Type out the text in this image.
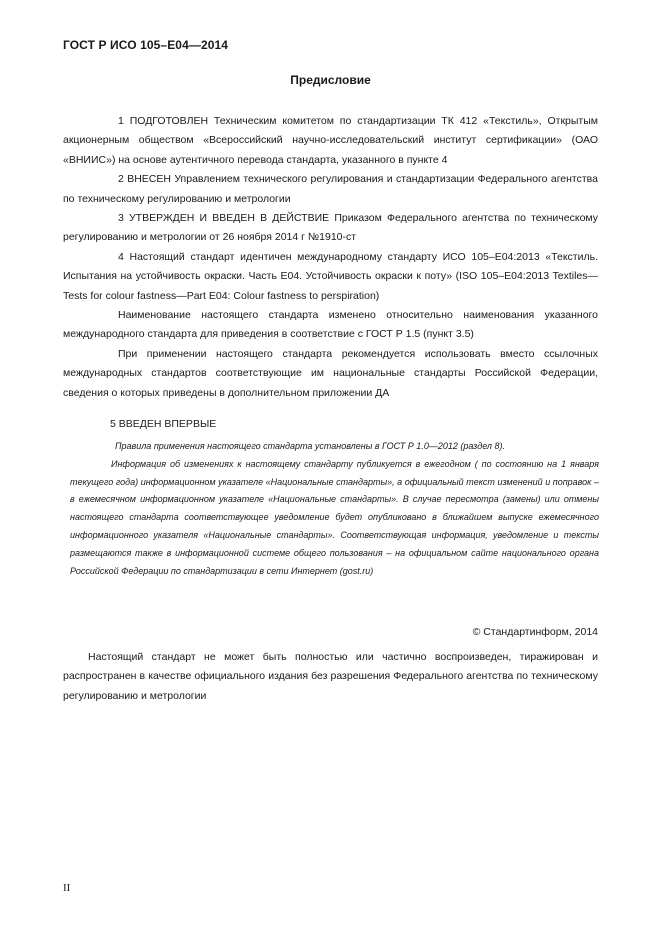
ГОСТ Р ИСО 105–E04—2014
Предисловие

1 ПОДГОТОВЛЕН Техническим комитетом по стандартизации ТК 412 «Текстиль», Открытым акционерным обществом «Всероссийский научно-исследовательский институт сертификации» (ОАО «ВНИИС») на основе аутентичного перевода стандарта, указанного в пункте 4

2 ВНЕСЕН Управлением технического регулирования и стандартизации Федерального агентства по техническому регулированию и метрологии

3 УТВЕРЖДЕН И ВВЕДЕН В ДЕЙСТВИЕ Приказом Федерального агентства по техническому регулированию и метрологии от 26 ноября 2014 г №1910-ст

4 Настоящий стандарт идентичен международному стандарту ИСО 105–E04:2013 «Текстиль. Испытания на устойчивость окраски. Часть Е04. Устойчивость окраски к поту» (ISO 105–E04:2013 Textiles—Tests for colour fastness—Part E04: Colour fastness to perspiration)

Наименование настоящего стандарта изменено относительно наименования указанного международного стандарта для приведения в соответствие с ГОСТ Р 1.5 (пункт 3.5)

При применении настоящего стандарта рекомендуется использовать вместо ссылочных международных стандартов соответствующие им национальные стандарты Российской Федерации, сведения о которых приведены в дополнительном приложении ДА

5 ВВЕДЕН ВПЕРВЫЕ

Правила применения настоящего стандарта установлены в ГОСТ Р 1.0—2012 (раздел 8).

Информация об изменениях к настоящему стандарту публикуется в ежегодном ( по состоянию на 1 января текущего года) информационном указателе «Национальные стандарты», а официальный текст изменений и поправок – в ежемесячном информационном указателе «Национальные стандарты». В случае пересмотра (замены) или отмены настоящего стандарта соответствующее уведомление будет опубликовано в ближайшем выпуске ежемесячного информационного указателя «Национальные стандарты». Соответствующая информация, уведомление и тексты размещаются также в информационной системе общего пользования – на официальном сайте национального органа Российской Федерации по стандартизации в сети Интернет (gost.ru)

© Стандартинформ, 2014

Настоящий стандарт не может быть полностью или частично воспроизведен, тиражирован и распространен в качестве официального издания без разрешения Федерального агентства по техническому регулированию и метрологии

II
